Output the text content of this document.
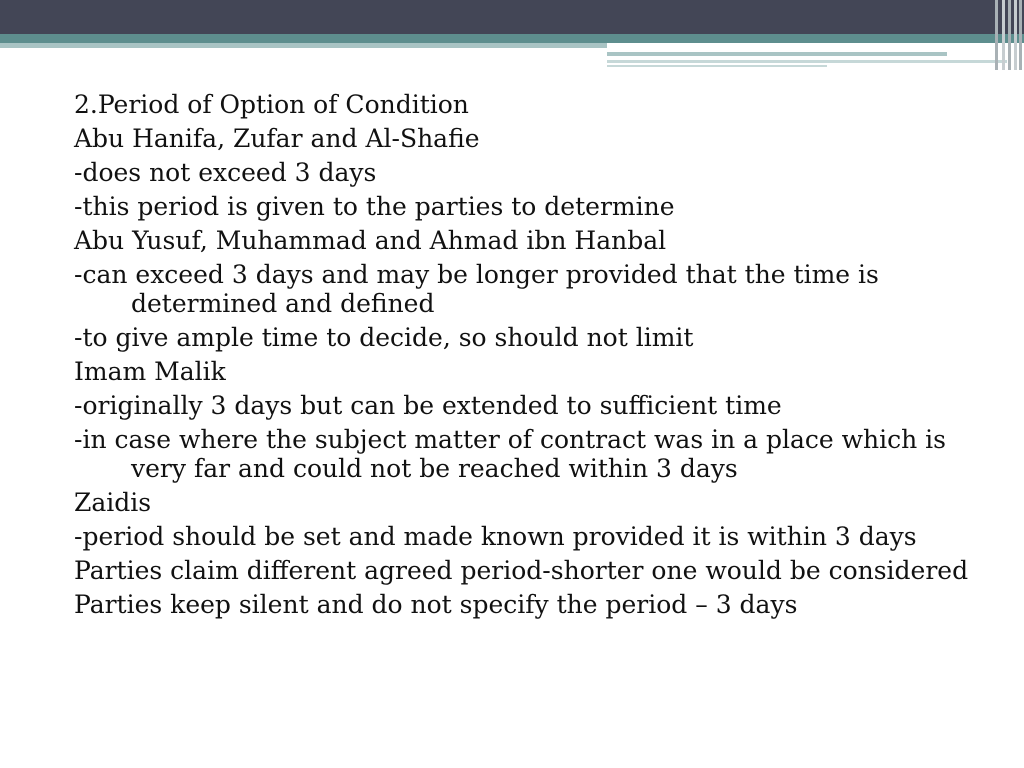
2.Period of Option of Condition

Abu Hanifa, Zufar and Al-Shafie

-does not exceed 3 days

-this period is given to the parties to determine

Abu Yusuf, Muhammad and Ahmad ibn Hanbal

-can exceed 3 days and may be longer provided that the time is determined and defined

-to give ample time to decide, so should not limit

Imam Malik

-originally 3 days but can be extended to sufficient time

-in case where the subject matter of contract was in a place which is very far and could not be reached within 3 days

Zaidis

-period should be set and made known provided it is within 3 days

Parties claim different agreed period-shorter one would be considered

Parties keep silent and do not specify the period – 3 days
